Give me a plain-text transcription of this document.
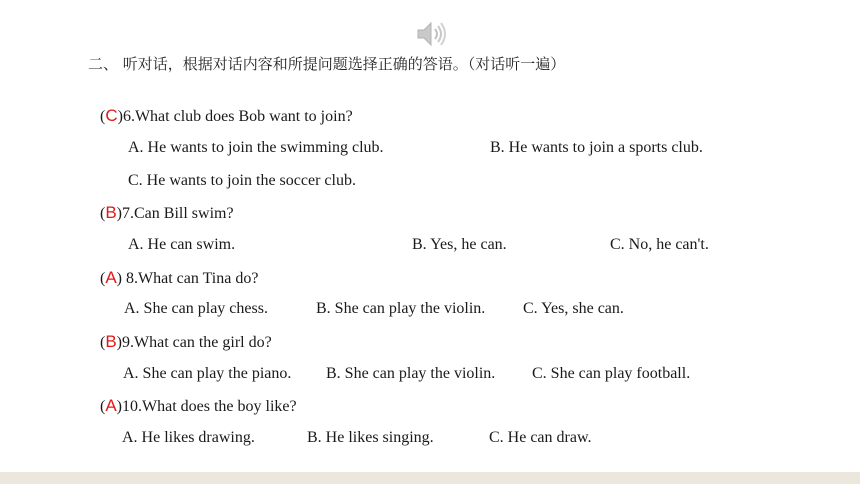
二、 听对话，根据对话内容和所提问题选择正确的答语。（对话听一遍）
(C)6.What club does Bob want to join?
A. He wants to join the swimming club.	B. He wants to join a sports club.
C. He wants to join the soccer club.
(B)7.Can Bill swim?
A. He can swim.	B. Yes, he can.	C. No, he can't.
(A) 8.What can Tina do?
A. She can play chess.	B. She can play the violin. C. Yes, she can.
(B)9.What can the girl do?
A. She can play the piano. B. She can play the violin. C. She can play football.
(A)10.What does the boy like?
A. He likes drawing.	B. He likes singing.	C. He can draw.
